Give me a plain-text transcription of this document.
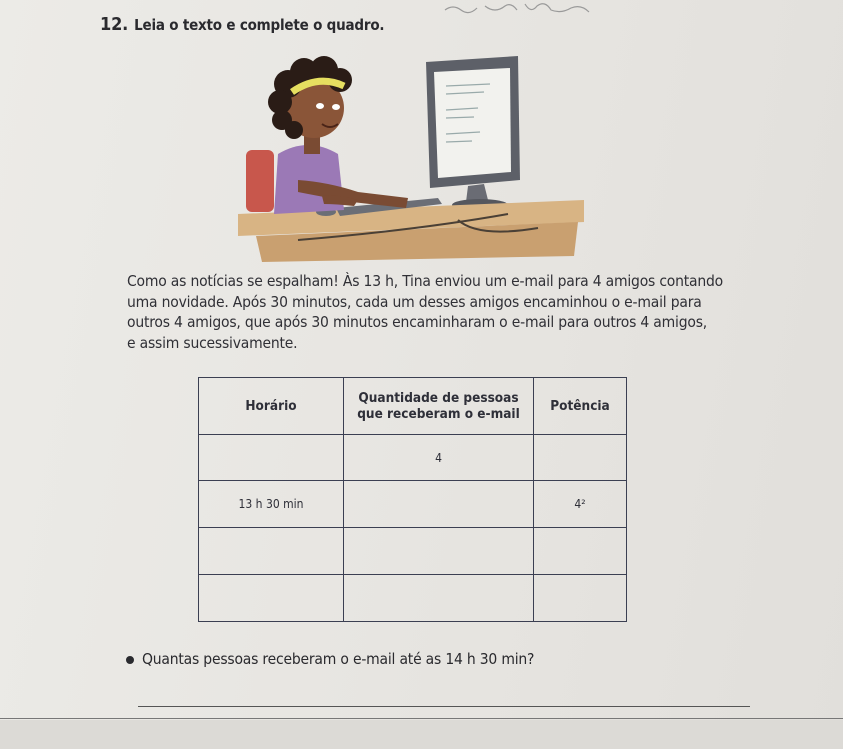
12. Leia o texto e complete o quadro.
Como as notícias se espalham! Às 13 h, Tina enviou um e-mail para 4 amigos contando
uma novidade. Após 30 minutos, cada um desses amigos encaminhou o e-mail para
outros 4 amigos, que após 30 minutos encaminharam o e-mail para outros 4 amigos,
e assim sucessivamente.
Horário	Quantidade de pessoas que receberam o e-mail	Potência
	4	
13 h 30 min		4²

Quantas pessoas receberam o e-mail até as 14 h 30 min?
